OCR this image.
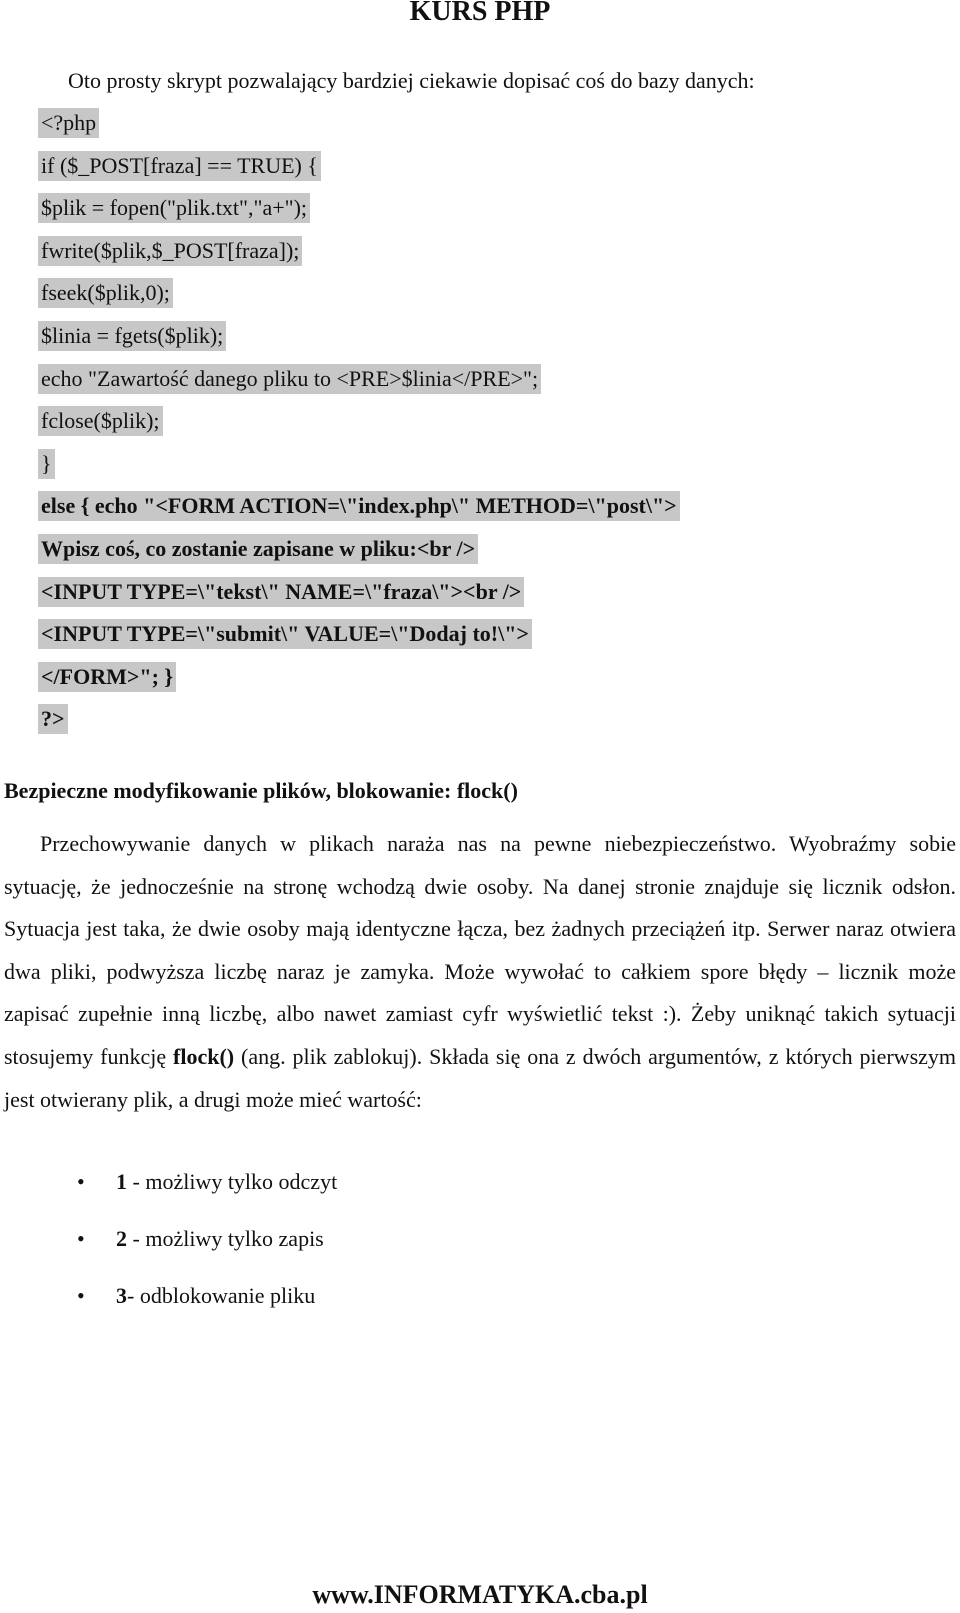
KURS PHP
Oto prosty skrypt pozwalający bardziej ciekawie dopisać coś do bazy danych:
<?php
if ($_POST[fraza] == TRUE) {
$plik = fopen("plik.txt","a+");
fwrite($plik,$_POST[fraza]);
fseek($plik,0);
$linia = fgets($plik);
echo "Zawartość danego pliku to <PRE>$linia</PRE>";
fclose($plik);
}
else { echo "<FORM ACTION=\"index.php\" METHOD=\"post\">
Wpisz coś, co zostanie zapisane w pliku:<br />
<INPUT TYPE=\"tekst\" NAME=\"fraza\"><br />
<INPUT TYPE=\"submit\" VALUE=\"Dodaj to!\">
</FORM>"; }
?>
Bezpieczne modyfikowanie plików, blokowanie: flock()
Przechowywanie danych w plikach naraża nas na pewne niebezpieczeństwo. Wyobraźmy sobie sytuację, że jednocześnie na stronę wchodzą dwie osoby. Na danej stronie znajduje się licznik odsłon. Sytuacja jest taka, że dwie osoby mają identyczne łącza, bez żadnych przeciążeń itp. Serwer naraz otwiera dwa pliki, podwyższa liczbę naraz je zamyka. Może wywołać to całkiem spore błędy – licznik może zapisać zupełnie inną liczbę, albo nawet zamiast cyfr wyświetlić tekst :). Żeby uniknąć takich sytuacji stosujemy funkcję flock() (ang. plik zablokuj). Składa się ona z dwóch argumentów, z których pierwszym jest otwierany plik, a drugi może mieć wartość:
• 1 - możliwy tylko odczyt
• 2 - możliwy tylko zapis
• 3- odblokowanie pliku
www.INFORMATYKA.cba.pl
